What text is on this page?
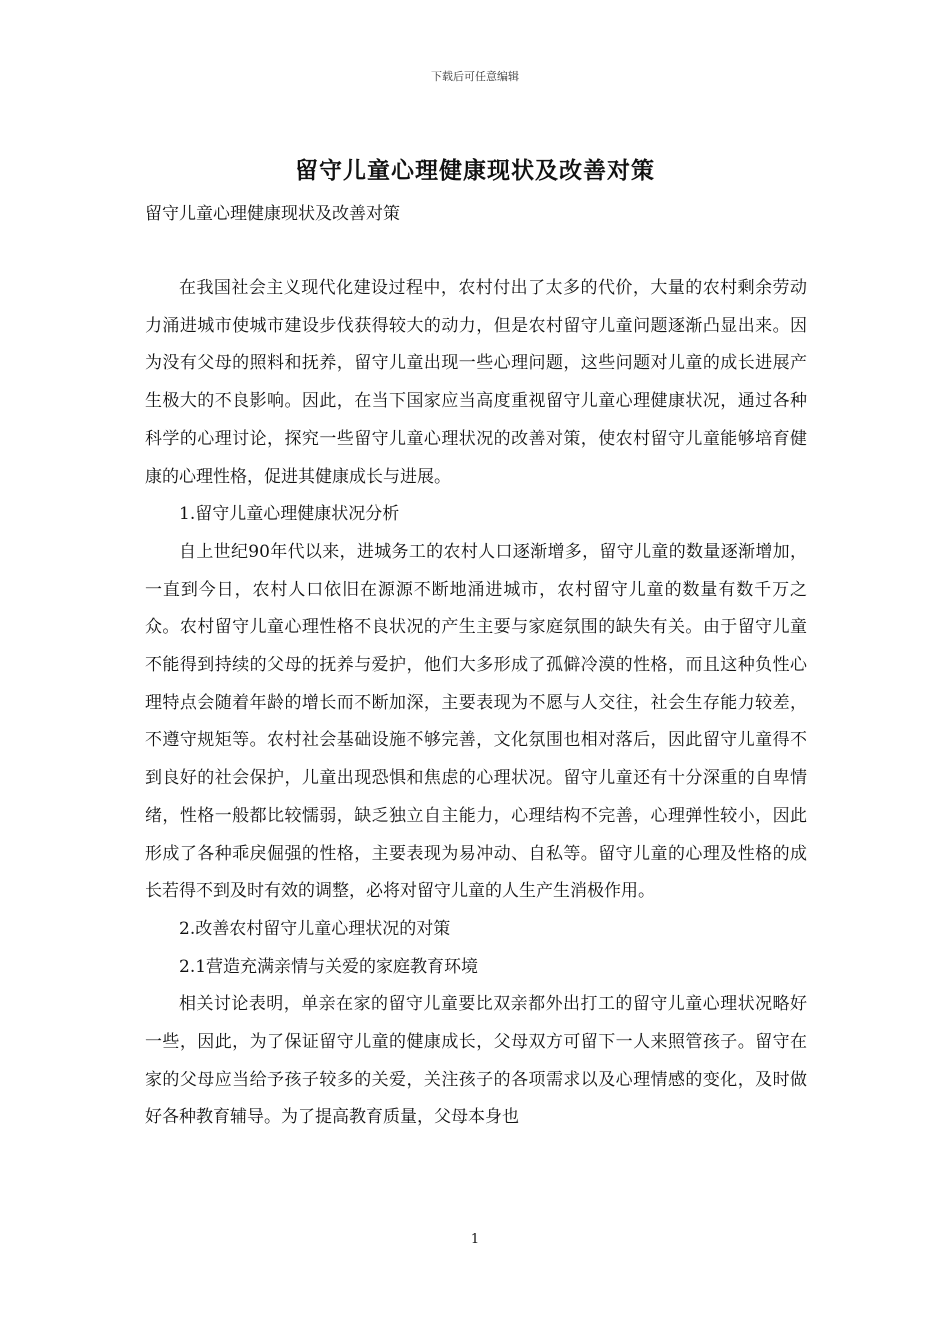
下载后可任意编辑
留守儿童心理健康现状及改善对策
留守儿童心理健康现状及改善对策

在我国社会主义现代化建设过程中，农村付出了太多的代价，大量的农村剩余劳动力涌进城市使城市建设步伐获得较大的动力，但是农村留守儿童问题逐渐凸显出来。因为没有父母的照料和抚养，留守儿童出现一些心理问题，这些问题对儿童的成长进展产生极大的不良影响。因此，在当下国家应当高度重视留守儿童心理健康状况，通过各种科学的心理讨论，探究一些留守儿童心理状况的改善对策，使农村留守儿童能够培育健康的心理性格，促进其健康成长与进展。

1.留守儿童心理健康状况分析

自上世纪90年代以来，进城务工的农村人口逐渐增多，留守儿童的数量逐渐增加，一直到今日，农村人口依旧在源源不断地涌进城市，农村留守儿童的数量有数千万之众。农村留守儿童心理性格不良状况的产生主要与家庭氛围的缺失有关。由于留守儿童不能得到持续的父母的抚养与爱护，他们大多形成了孤僻冷漠的性格，而且这种负性心理特点会随着年龄的增长而不断加深，主要表现为不愿与人交往，社会生存能力较差，不遵守规矩等。农村社会基础设施不够完善，文化氛围也相对落后，因此留守儿童得不到良好的社会保护，儿童出现恐惧和焦虑的心理状况。留守儿童还有十分深重的自卑情绪，性格一般都比较懦弱，缺乏独立自主能力，心理结构不完善，心理弹性较小，因此形成了各种乖戾倔强的性格，主要表现为易冲动、自私等。留守儿童的心理及性格的成长若得不到及时有效的调整，必将对留守儿童的人生产生消极作用。

2.改善农村留守儿童心理状况的对策

2.1营造充满亲情与关爱的家庭教育环境

相关讨论表明，单亲在家的留守儿童要比双亲都外出打工的留守儿童心理状况略好一些，因此，为了保证留守儿童的健康成长，父母双方可留下一人来照管孩子。留守在家的父母应当给予孩子较多的关爱，关注孩子的各项需求以及心理情感的变化，及时做好各种教育辅导。为了提高教育质量，父母本身也

1
